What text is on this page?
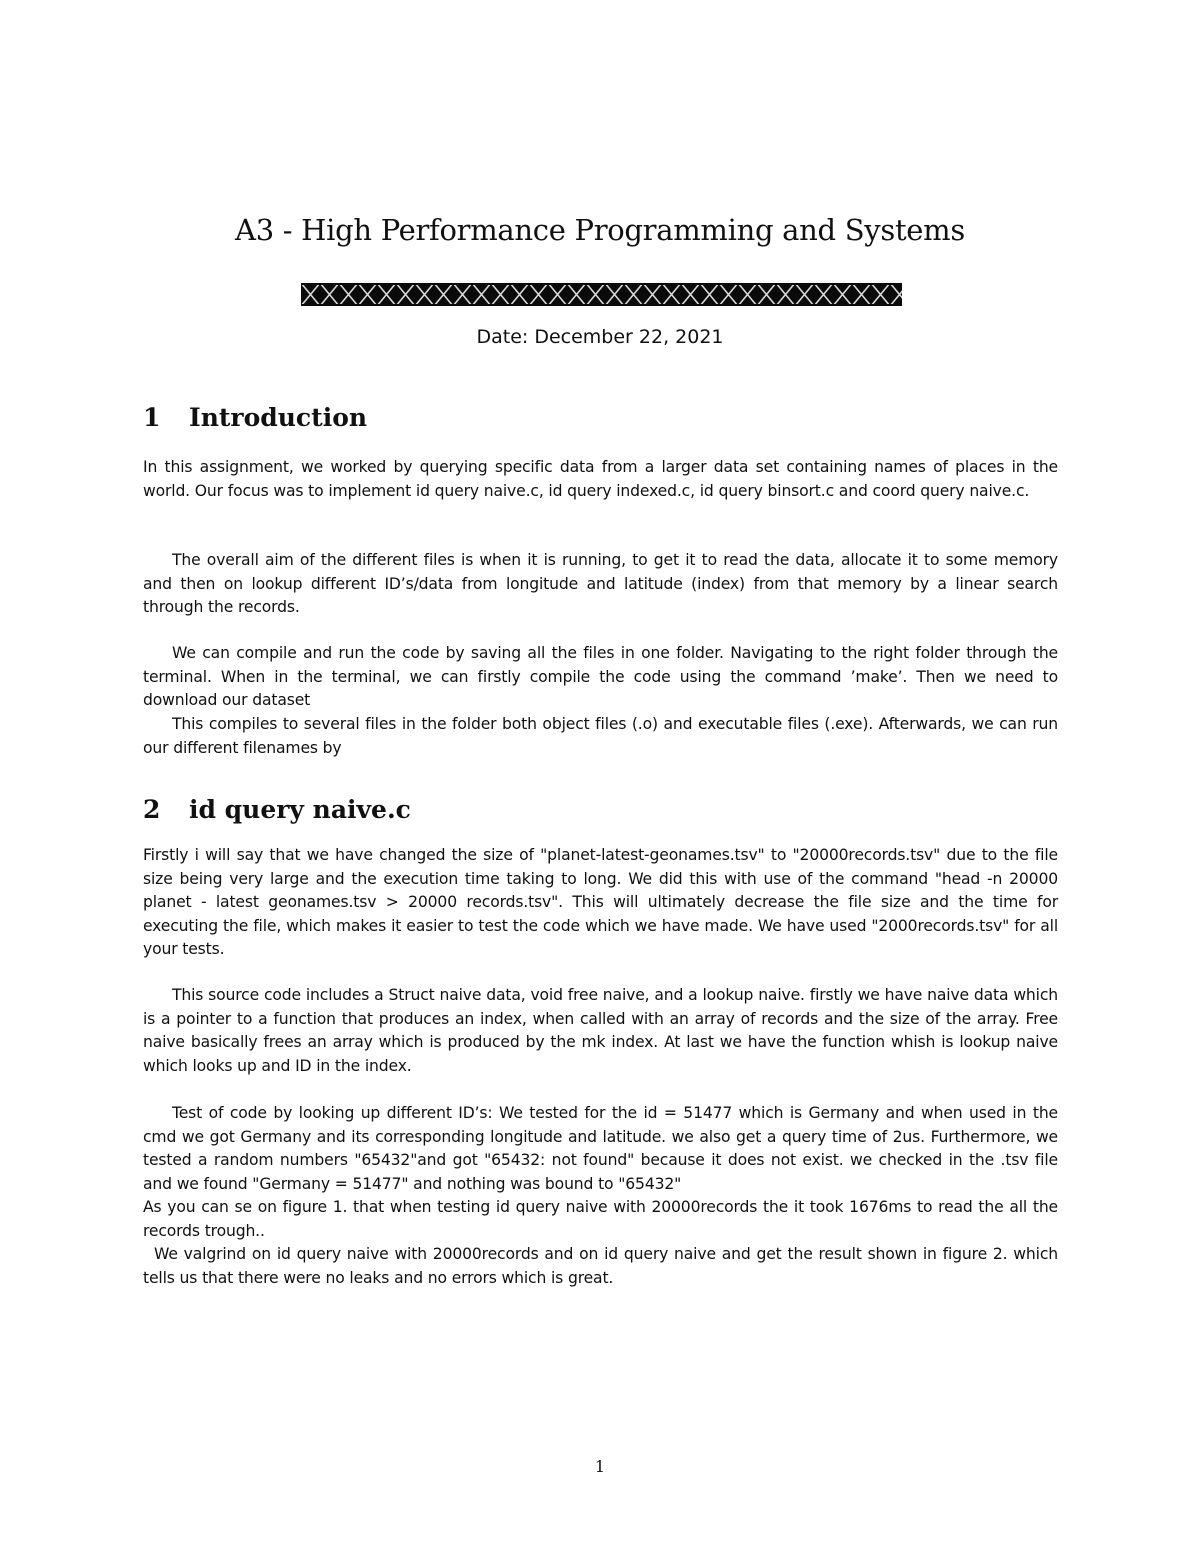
A3 - High Performance Programming and Systems
Date: December 22, 2021
1 Introduction

In this assignment, we worked by querying specific data from a larger data set containing names of places in the world. Our focus was to implement id query naive.c, id query indexed.c, id query binsort.c and coord query naive.c.

The overall aim of the different files is when it is running, to get it to read the data, allocate it to some memory and then on lookup different ID’s/data from longitude and latitude (index) from that memory by a linear search through the records.

We can compile and run the code by saving all the files in one folder. Navigating to the right folder through the terminal. When in the terminal, we can firstly compile the code using the command ’make’. Then we need to download our dataset

This compiles to several files in the folder both object files (.o) and executable files (.exe). Afterwards, we can run our different filenames by

2 id query naive.c

Firstly i will say that we have changed the size of "planet-latest-geonames.tsv" to "20000records.tsv" due to the file size being very large and the execution time taking to long. We did this with use of the command "head -n 20000 planet - latest geonames.tsv > 20000 records.tsv". This will ultimately decrease the file size and the time for executing the file, which makes it easier to test the code which we have made. We have used "2000records.tsv" for all your tests.

This source code includes a Struct naive data, void free naive, and a lookup naive. firstly we have naive data which is a pointer to a function that produces an index, when called with an array of records and the size of the array. Free naive basically frees an array which is produced by the mk index. At last we have the function whish is lookup naive which looks up and ID in the index.

Test of code by looking up different ID’s: We tested for the id = 51477 which is Germany and when used in the cmd we got Germany and its corresponding longitude and latitude. we also get a query time of 2us. Furthermore, we tested a random numbers "65432"and got "65432: not found" because it does not exist. we checked in the .tsv file and we found "Germany = 51477" and nothing was bound to "65432"

As you can se on figure 1. that when testing id query naive with 20000records the it took 1676ms to read the all the records trough..

We valgrind on id query naive with 20000records and on id query naive and get the result shown in figure 2. which tells us that there were no leaks and no errors which is great.

1
